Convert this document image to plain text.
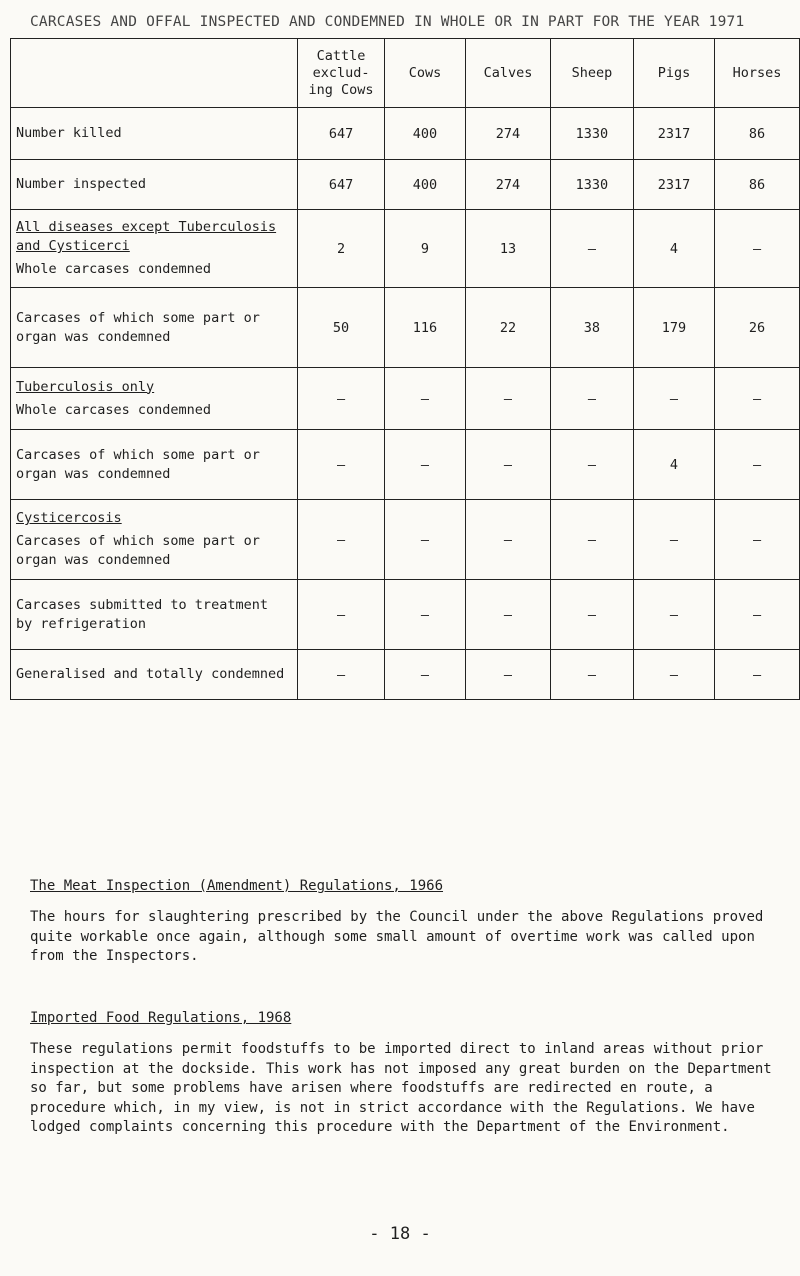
CARCASES AND OFFAL INSPECTED AND CONDEMNED IN WHOLE OR IN PART FOR THE YEAR 1971
	Cattle exclud- ing Cows	Cows	Calves	Sheep	Pigs	Horses

Number killed	647	400	274	1330	2317	86

Number inspected	647	400	274	1330	2317	86

All diseases except Tuberculosis and Cysticerci
Whole carcases condemned	2	9	13	–	4	–

Carcases of which some part or organ was condemned	50	116	22	38	179	26

Tuberculosis only
Whole carcases condemned	–	–	–	–	–	–

Carcases of which some part or organ was condemned	–	–	–	–	4	–

Cysticercosis
Carcases of which some part or organ was condemned	–	–	–	–	–	–

Carcases submitted to treatment by refrigeration	–	–	–	–	–	–

Generalised and totally condemned	–	–	–	–	–	–
The Meat Inspection (Amendment) Regulations, 1966
The hours for slaughtering prescribed by the Council under the above Regulations proved quite workable once again, although some small amount of overtime work was called upon from the Inspectors.
Imported Food Regulations, 1968
These regulations permit foodstuffs to be imported direct to inland areas without prior inspection at the dockside. This work has not imposed any great burden on the Department so far, but some problems have arisen where foodstuffs are redirected en route, a procedure which, in my view, is not in strict accordance with the Regulations. We have lodged complaints concerning this procedure with the Department of the Environment.
- 18 -
